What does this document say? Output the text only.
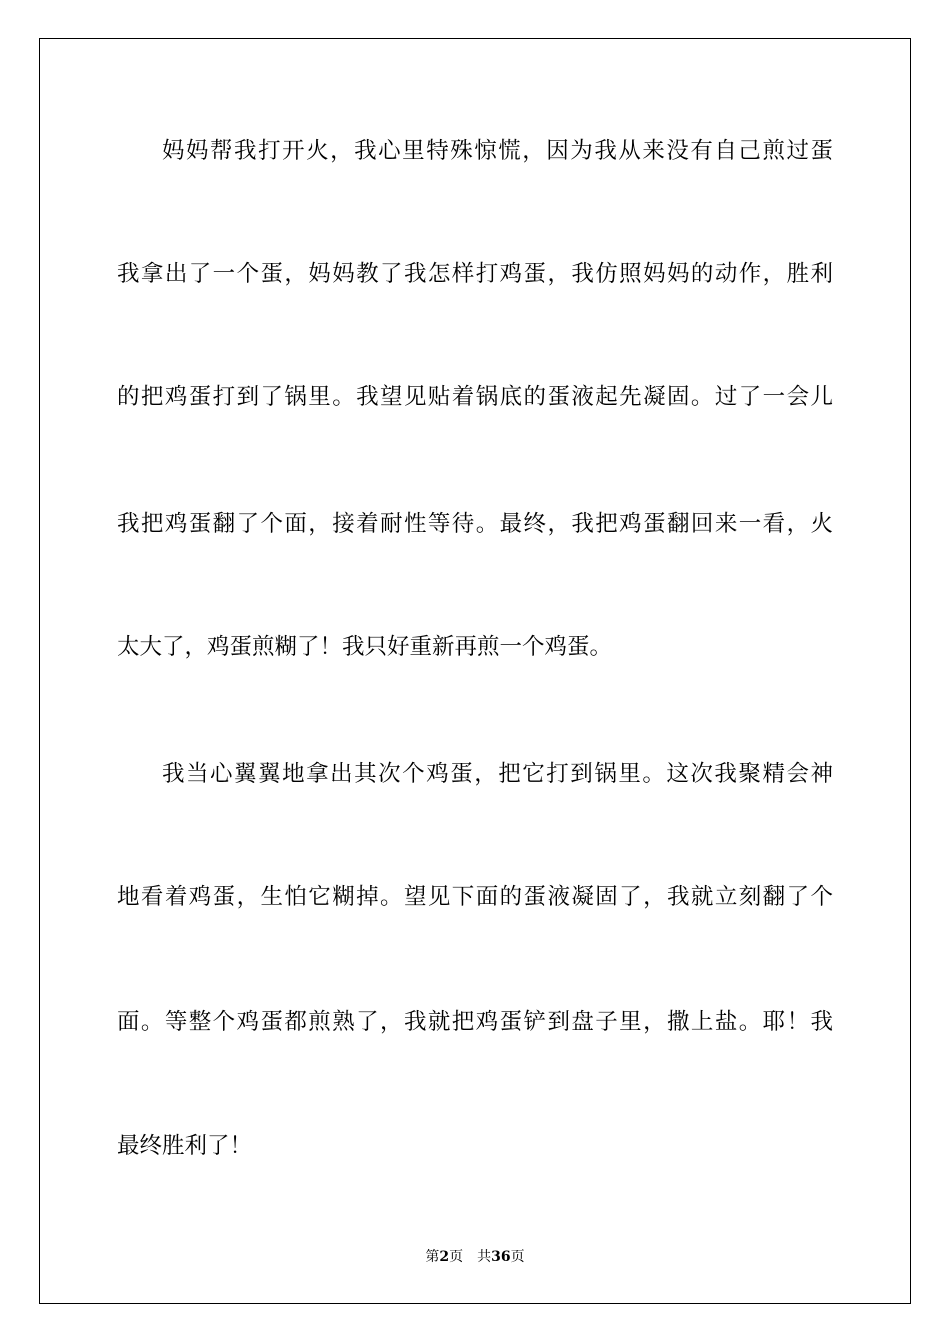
妈妈帮我打开火，我心里特殊惊慌，因为我从来没有自己煎过蛋
我拿出了一个蛋，妈妈教了我怎样打鸡蛋，我仿照妈妈的动作，胜利
的把鸡蛋打到了锅里。我望见贴着锅底的蛋液起先凝固。过了一会儿
我把鸡蛋翻了个面，接着耐性等待。最终，我把鸡蛋翻回来一看，火
太大了，鸡蛋煎糊了！我只好重新再煎一个鸡蛋。
我当心翼翼地拿出其次个鸡蛋，把它打到锅里。这次我聚精会神
地看着鸡蛋，生怕它糊掉。望见下面的蛋液凝固了，我就立刻翻了个
面。等整个鸡蛋都煎熟了，我就把鸡蛋铲到盘子里，撒上盐。耶！我
最终胜利了！
第2页 共36页
